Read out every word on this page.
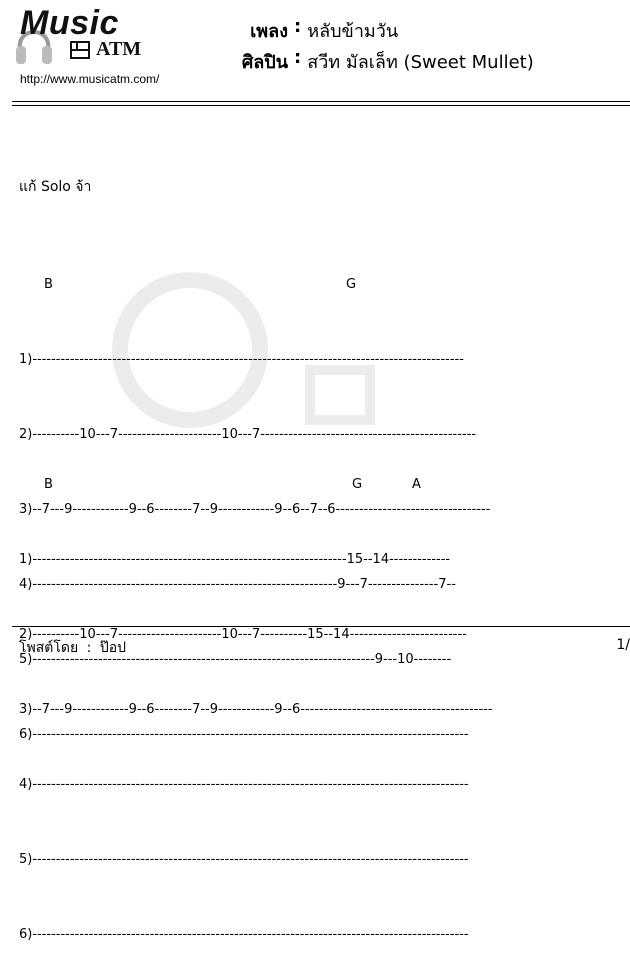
Music
ATM
http://www.musicatm.com/
เพลง : หลับข้ามวัน
ศิลปิน : สวีท มัลเล็ท (Sweet Mullet)
แก้ Solo จ้า

B

	G

1)--------------------------------------------------------------------------------------------

2)----------10---7----------------------10---7----------------------------------------------

3)--7---9------------9--6--------7--9------------9--6--7--6---------------------------------

4)-----------------------------------------------------------------9---7---------------7--

5)-------------------------------------------------------------------------9---10--------

6)---------------------------------------------------------------------------------------------

B

	G

	A

1)-------------------------------------------------------------------15--14-------------

2)----------10---7----------------------10---7----------15--14-------------------------

3)--7---9------------9--6--------7--9------------9--6-----------------------------------------

4)---------------------------------------------------------------------------------------------

5)---------------------------------------------------------------------------------------------

6)---------------------------------------------------------------------------------------------

โพสต์โดย : ป๊อป	1/
